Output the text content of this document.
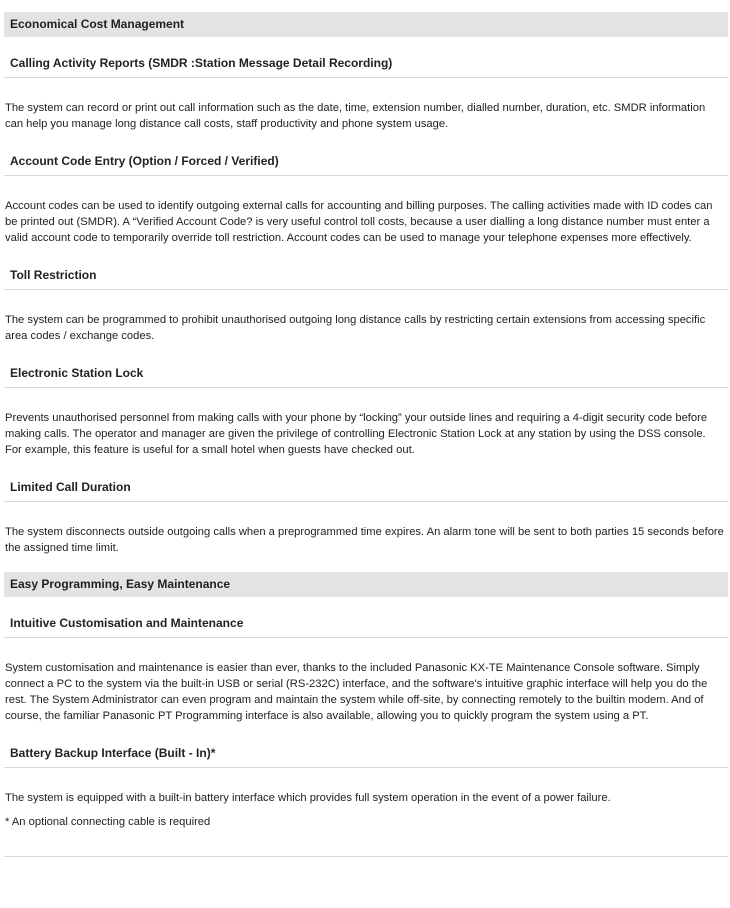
Economical Cost Management
Calling Activity Reports (SMDR :Station Message Detail Recording)
The system can record or print out call information such as the date, time, extension number, dialled number, duration, etc. SMDR information can help you manage long distance call costs, staff productivity and phone system usage.
Account Code Entry (Option / Forced / Verified)
Account codes can be used to identify outgoing external calls for accounting and billing purposes. The calling activities made with ID codes can be printed out (SMDR). A “Verified Account Code? is very useful control toll costs, because a user dialling a long distance number must enter a valid account code to temporarily override toll restriction. Account codes can be used to manage your telephone expenses more effectively.
Toll Restriction
The system can be programmed to prohibit unauthorised outgoing long distance calls by restricting certain extensions from accessing specific area codes / exchange codes.
Electronic Station Lock
Prevents unauthorised personnel from making calls with your phone by “locking” your outside lines and requiring a 4-digit security code before making calls. The operator and manager are given the privilege of controlling Electronic Station Lock at any station by using the DSS console. For example, this feature is useful for a small hotel when guests have checked out.
Limited Call Duration
The system disconnects outside outgoing calls when a preprogrammed time expires. An alarm tone will be sent to both parties 15 seconds before the assigned time limit.
Easy Programming, Easy Maintenance
Intuitive Customisation and Maintenance
System customisation and maintenance is easier than ever, thanks to the included Panasonic KX-TE Maintenance Console software. Simply connect a PC to the system via the built-in USB or serial (RS-232C) interface, and the software's intuitive graphic interface will help you do the rest. The System Administrator can even program and maintain the system while off-site, by connecting remotely to the builtin modem. And of course, the familiar Panasonic PT Programming interface is also available, allowing you to quickly program the system using a PT.
Battery Backup Interface (Built - In)*
The system is equipped with a built-in battery interface which provides full system operation in the event of a power failure.
* An optional connecting cable is required
